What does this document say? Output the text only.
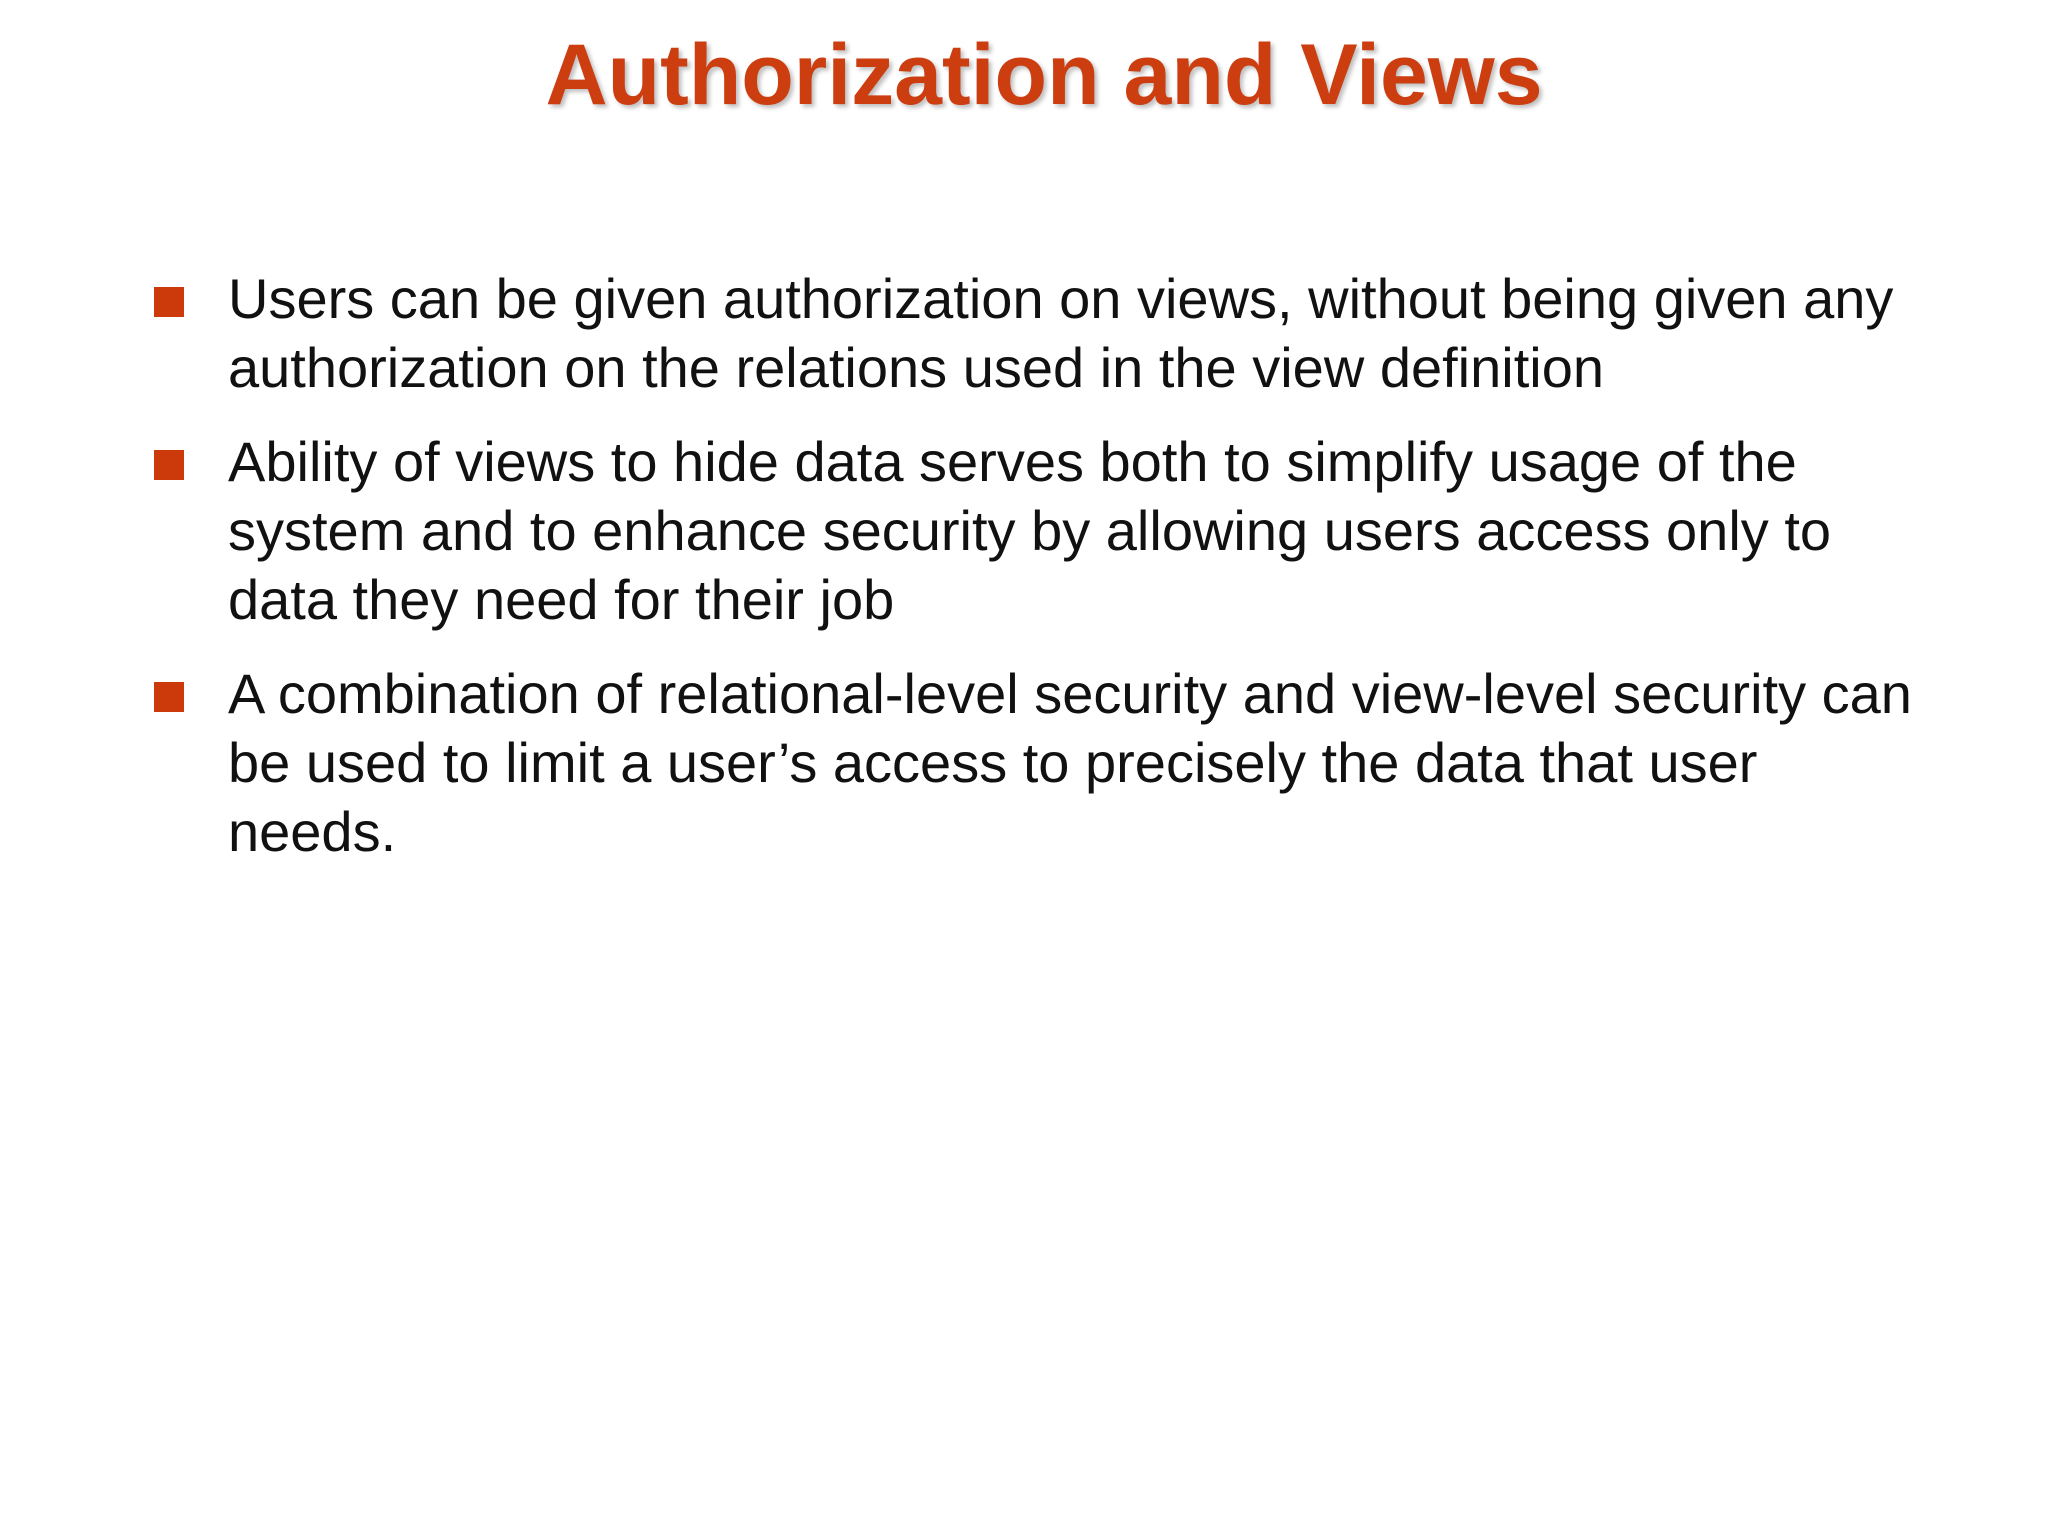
Authorization and Views
Users can be given authorization on views, without being given any authorization on the relations used in the view definition
Ability of views to hide data serves both to simplify usage of the system and to enhance security by allowing users access only to data they need for their job
A combination of relational-level security and view-level security can be used to limit a user’s access to precisely the data that user needs.
